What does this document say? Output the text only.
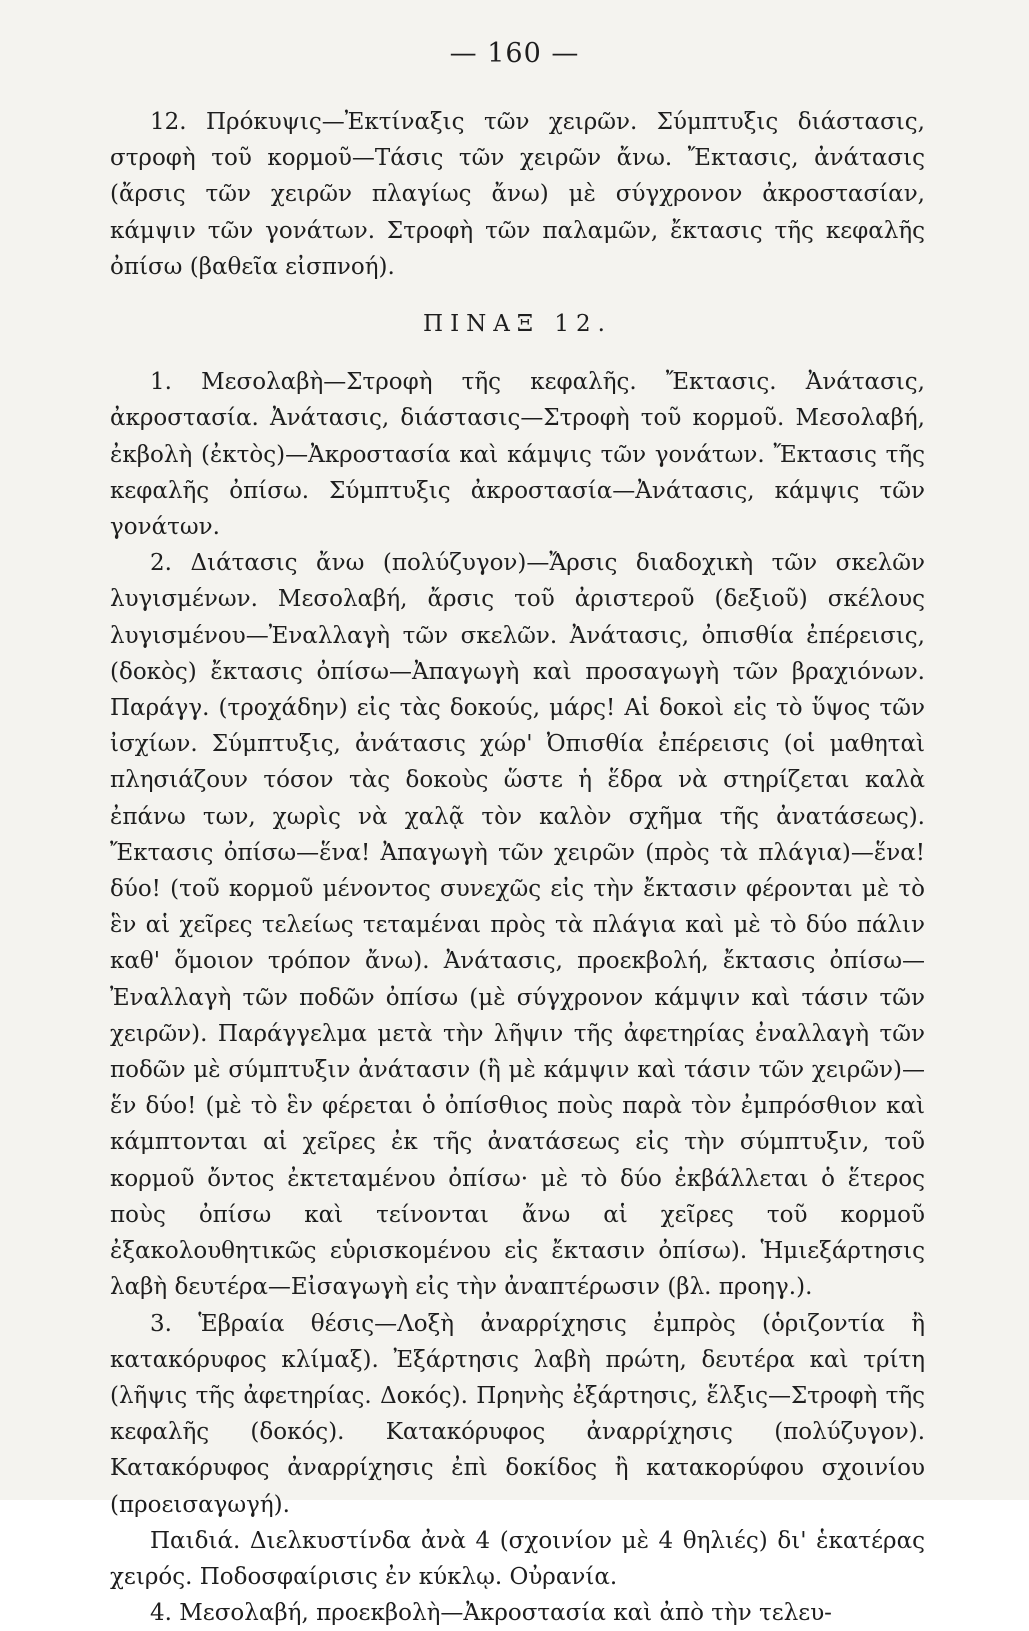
— 160 —

12. Πρόκυψις—Ἐκτίναξις τῶν χειρῶν. Σύμπτυξις διάστασις, στροφὴ τοῦ κορμοῦ—Τάσις τῶν χειρῶν ἄνω. Ἔκτασις, ἀνάτασις (ἄρσις τῶν χειρῶν πλαγίως ἄνω) μὲ σύγχρονον ἀκροστασίαν, κάμψιν τῶν γονάτων. Στροφὴ τῶν παλαμῶν, ἔκτασις τῆς κεφαλῆς ὀπίσω (βαθεῖα εἰσπνοή).

ΠΙΝΑΞ 12.

1. Μεσολαβὴ—Στροφὴ τῆς κεφαλῆς. Ἔκτασις. Ἀνάτασις, ἀκροστασία. Ἀνάτασις, διάστασις—Στροφὴ τοῦ κορμοῦ. Μεσολαβή, ἐκβολὴ (ἐκτὸς)—Ἀκροστασία καὶ κάμψις τῶν γονάτων. Ἔκτασις τῆς κεφαλῆς ὀπίσω. Σύμπτυξις ἀκροστασία—Ἀνάτασις, κάμψις τῶν γονάτων.

2. Διάτασις ἄνω (πολύζυγον)—Ἄρσις διαδοχικὴ τῶν σκελῶν λυγισμένων. Μεσολαβή, ἄρσις τοῦ ἀριστεροῦ (δεξιοῦ) σκέλους λυγισμένου—Ἐναλλαγὴ τῶν σκελῶν. Ἀνάτασις, ὀπισθία ἐπέρεισις, (δοκὸς) ἔκτασις ὀπίσω—Ἀπαγωγὴ καὶ προσαγωγὴ τῶν βραχιόνων. Παράγγ. (τροχάδην) εἰς τὰς δοκούς, μάρς! Αἱ δοκοὶ εἰς τὸ ὕψος τῶν ἰσχίων. Σύμπτυξις, ἀνάτασις χώρ' Ὀπισθία ἐπέρεισις (οἱ μαθηταὶ πλησιάζουν τόσον τὰς δοκοὺς ὥστε ἡ ἕδρα νὰ στηρίζεται καλὰ ἐπάνω των, χωρὶς νὰ χαλᾷ τὸν καλὸν σχῆμα τῆς ἀνατάσεως). Ἔκτασις ὀπίσω—ἕνα! Ἀπαγωγὴ τῶν χειρῶν (πρὸς τὰ πλάγια)—ἕνα! δύο! (τοῦ κορμοῦ μένοντος συνεχῶς εἰς τὴν ἔκτασιν φέρονται μὲ τὸ ἓν αἱ χεῖρες τελείως τεταμέναι πρὸς τὰ πλάγια καὶ μὲ τὸ δύο πάλιν καθ' ὅμοιον τρόπον ἄνω). Ἀνάτασις, προεκβολή, ἔκτασις ὀπίσω—Ἐναλλαγὴ τῶν ποδῶν ὀπίσω (μὲ σύγχρονον κάμψιν καὶ τάσιν τῶν χειρῶν). Παράγγελμα μετὰ τὴν λῆψιν τῆς ἀφετηρίας ἐναλλαγὴ τῶν ποδῶν μὲ σύμπτυξιν ἀνάτασιν (ἢ μὲ κάμψιν καὶ τάσιν τῶν χειρῶν)—ἕν δύο! (μὲ τὸ ἓν φέρεται ὁ ὀπίσθιος ποὺς παρὰ τὸν ἐμπρόσθιον καὶ κάμπτονται αἱ χεῖρες ἐκ τῆς ἀνατάσεως εἰς τὴν σύμπτυξιν, τοῦ κορμοῦ ὄντος ἐκτεταμένου ὀπίσω· μὲ τὸ δύο ἐκβάλλεται ὁ ἕτερος ποὺς ὀπίσω καὶ τείνονται ἄνω αἱ χεῖρες τοῦ κορμοῦ ἐξακολουθητικῶς εὑρισκομένου εἰς ἔκτασιν ὀπίσω). Ἡμιεξάρτησις λαβὴ δευτέρα—Εἰσαγωγὴ εἰς τὴν ἀναπτέρωσιν (βλ. προηγ.).

3. Ἑβραία θέσις—Λοξὴ ἀναρρίχησις ἐμπρὸς (ὁριζοντία ἢ κατακόρυφος κλίμαξ). Ἐξάρτησις λαβὴ πρώτη, δευτέρα καὶ τρίτη (λῆψις τῆς ἀφετηρίας. Δοκός). Πρηνὴς ἐξάρτησις, ἕλξις—Στροφὴ τῆς κεφαλῆς (δοκός). Κατακόρυφος ἀναρρίχησις (πολύζυγον). Κατακόρυφος ἀναρρίχησις ἐπὶ δοκίδος ἢ κατακορύφου σχοινίου (προεισαγωγή).

Παιδιά. Διελκυστίνδα ἀνὰ 4 (σχοινίον μὲ 4 θηλιές) δι' ἑκατέρας χειρός. Ποδοσφαίρισις ἐν κύκλῳ. Οὐρανία.

4. Μεσολαβή, προεκβολὴ—Ἀκροστασία καὶ ἀπὸ τὴν τελευ-
